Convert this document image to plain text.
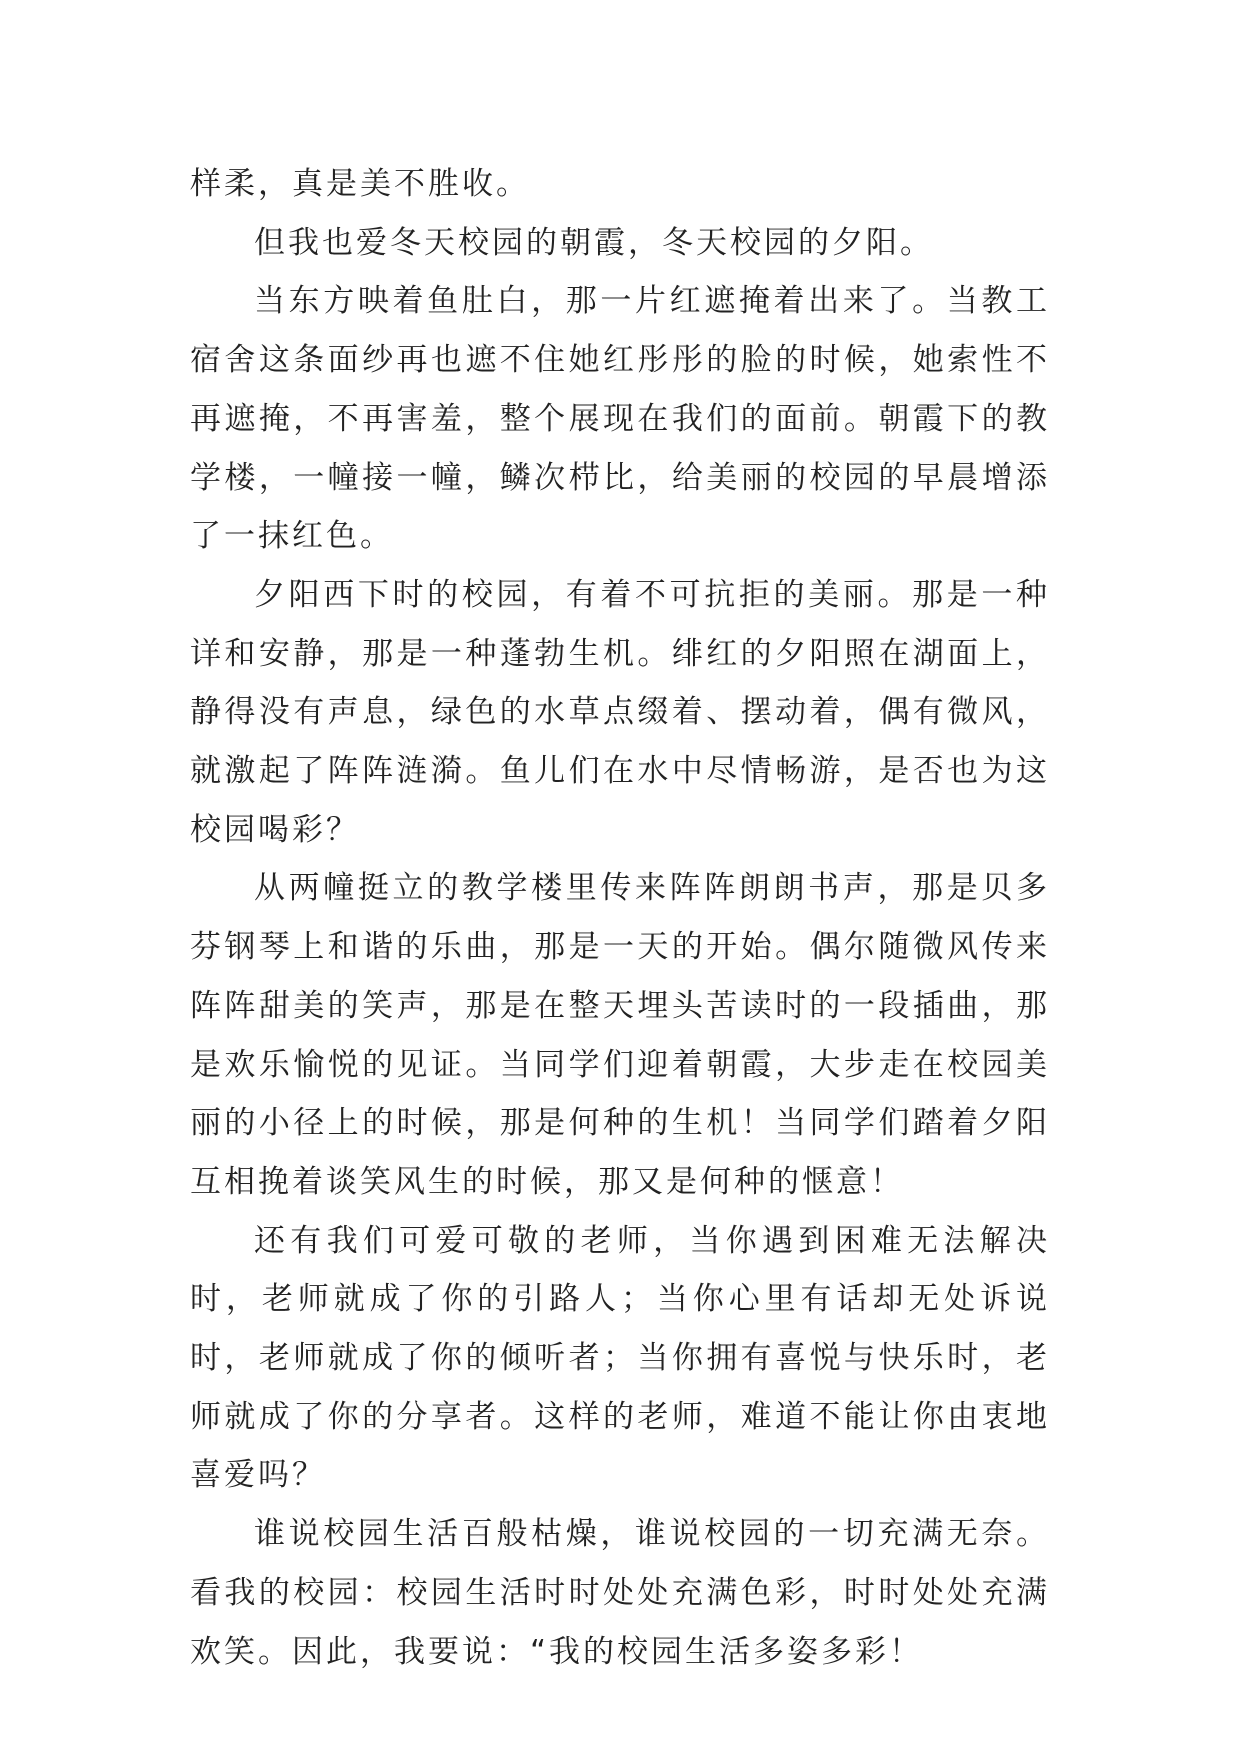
样柔，真是美不胜收。

但我也爱冬天校园的朝霞，冬天校园的夕阳。

当东方映着鱼肚白，那一片红遮掩着出来了。当教工宿舍这条面纱再也遮不住她红彤彤的脸的时候，她索性不再遮掩，不再害羞，整个展现在我们的面前。朝霞下的教学楼，一幢接一幢，鳞次栉比，给美丽的校园的早晨增添了一抹红色。

夕阳西下时的校园，有着不可抗拒的美丽。那是一种详和安静，那是一种蓬勃生机。绯红的夕阳照在湖面上，静得没有声息，绿色的水草点缀着、摆动着，偶有微风，就激起了阵阵涟漪。鱼儿们在水中尽情畅游，是否也为这校园喝彩？

从两幢挺立的教学楼里传来阵阵朗朗书声，那是贝多芬钢琴上和谐的乐曲，那是一天的开始。偶尔随微风传来阵阵甜美的笑声，那是在整天埋头苦读时的一段插曲，那是欢乐愉悦的见证。当同学们迎着朝霞，大步走在校园美丽的小径上的时候，那是何种的生机！当同学们踏着夕阳互相挽着谈笑风生的时候，那又是何种的惬意！

还有我们可爱可敬的老师，当你遇到困难无法解决时，老师就成了你的引路人；当你心里有话却无处诉说时，老师就成了你的倾听者；当你拥有喜悦与快乐时，老师就成了你的分享者。这样的老师，难道不能让你由衷地喜爱吗？

谁说校园生活百般枯燥，谁说校园的一切充满无奈。看我的校园：校园生活时时处处充满色彩，时时处处充满欢笑。因此，我要说：“我的校园生活多姿多彩！
